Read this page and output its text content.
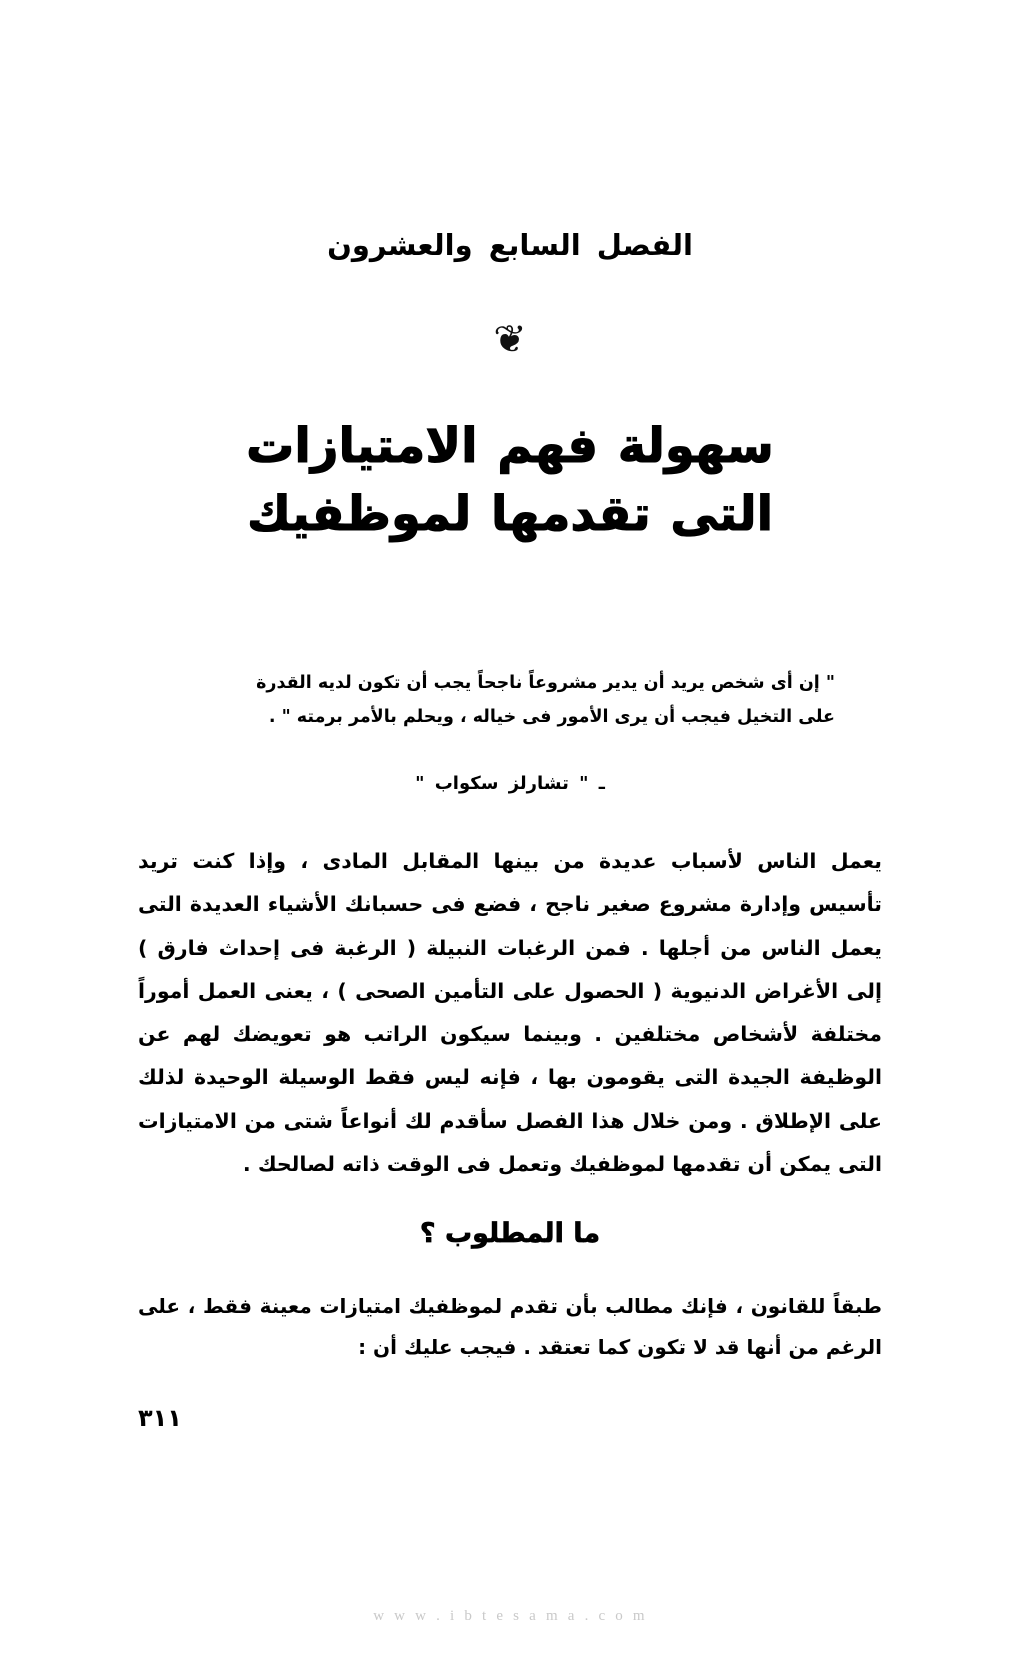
الفصل السابع والعشرون
❦
سهولة فهم الامتيازات
التى تقدمها لموظفيك
" إن أى شخص يريد أن يدير مشروعاً ناجحاً يجب أن تكون لديه القدرة
على التخيل فيجب أن يرى الأمور فى خياله ، ويحلم بالأمر برمته " .
ـ " تشارلز سكواب "
يعمل الناس لأسباب عديدة من بينها المقابل المادى ، وإذا كنت تريد تأسيس وإدارة مشروع صغير ناجح ، فضع فى حسبانك الأشياء العديدة التى يعمل الناس من أجلها . فمن الرغبات النبيلة ( الرغبة فى إحداث فارق ) إلى الأغراض الدنيوية ( الحصول على التأمين الصحى ) ، يعنى العمل أموراً مختلفة لأشخاص مختلفين . وبينما سيكون الراتب هو تعويضك لهم عن الوظيفة الجيدة التى يقومون بها ، فإنه ليس فقط الوسيلة الوحيدة لذلك على الإطلاق . ومن خلال هذا الفصل سأقدم لك أنواعاً شتى من الامتيازات التى يمكن أن تقدمها لموظفيك وتعمل فى الوقت ذاته لصالحك .
ما المطلوب ؟
طبقاً للقانون ، فإنك مطالب بأن تقدم لموظفيك امتيازات معينة فقط ، على الرغم من أنها قد لا تكون كما تعتقد . فيجب عليك أن :
٣١١
w w w . i b t e s a m a . c o m
